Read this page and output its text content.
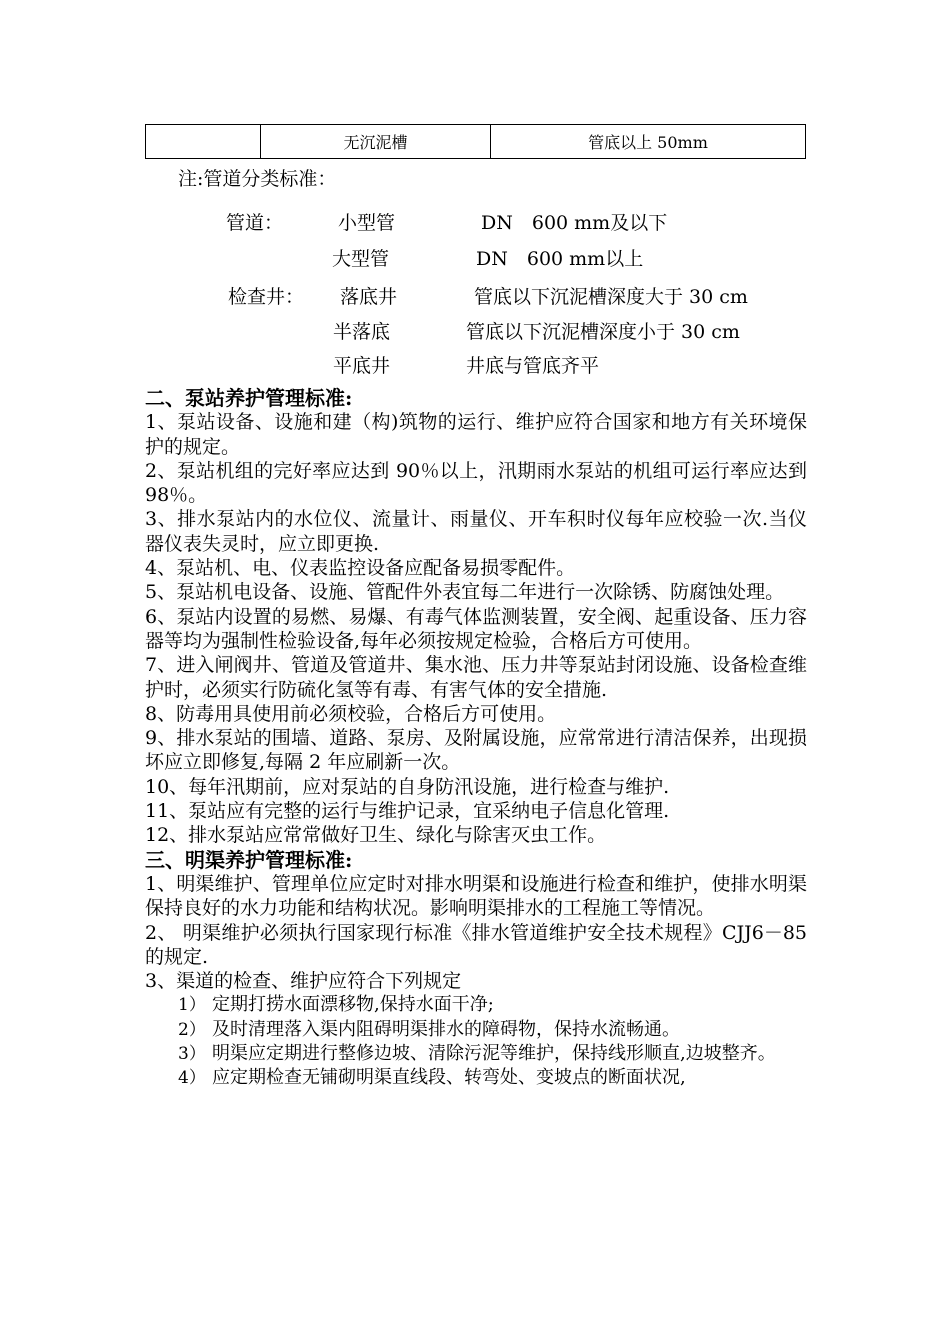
	无沉泥槽	管底以上 50mm
注:管道分类标准：
管道：	小型管	DN　600 mm及以下
大型管	DN　600 mm以上
检查井： 落底井	管底以下沉泥槽深度大于 30 cm
半落底	管底以下沉泥槽深度小于 30 cm
平底井	井底与管底齐平
二、泵站养护管理标准:

1、泵站设备、设施和建（构)筑物的运行、维护应符合国家和地方有关环境保护的规定。

2、泵站机组的完好率应达到 90％以上，汛期雨水泵站的机组可运行率应达到 98％。

3、排水泵站内的水位仪、流量计、雨量仪、开车积时仪每年应校验一次.当仪器仪表失灵时，应立即更换.

4、泵站机、电、仪表监控设备应配备易损零配件。

5、泵站机电设备、设施、管配件外表宜每二年进行一次除锈、防腐蚀处理。

6、泵站内设置的易燃、易爆、有毒气体监测装置，安全阀、起重设备、压力容器等均为强制性检验设备,每年必须按规定检验，合格后方可使用。

7、进入闸阀井、管道及管道井、集水池、压力井等泵站封闭设施、设备检查维护时，必须实行防硫化氢等有毒、有害气体的安全措施.

8、防毒用具使用前必须校验，合格后方可使用。

9、排水泵站的围墙、道路、泵房、及附属设施，应常常进行清洁保养，出现损坏应立即修复,每隔 2 年应刷新一次。

10、每年汛期前，应对泵站的自身防汛设施，进行检查与维护.

11、泵站应有完整的运行与维护记录，宜采纳电子信息化管理.

12、排水泵站应常常做好卫生、绿化与除害灭虫工作。

三、明渠养护管理标准:

1、明渠维护、管理单位应定时对排水明渠和设施进行检查和维护，使排水明渠保持良好的水力功能和结构状况。影响明渠排水的工程施工等情况。

2、 明渠维护必须执行国家现行标准《排水管道维护安全技术规程》CJJ6－85 的规定.

3、渠道的检查、维护应符合下列规定

1） 定期打捞水面漂移物,保持水面干净;
2） 及时清理落入渠内阻碍明渠排水的障碍物，保持水流畅通。
3） 明渠应定期进行整修边坡、清除污泥等维护，保持线形顺直,边坡整齐。
4） 应定期检查无铺砌明渠直线段、转弯处、变坡点的断面状况,
